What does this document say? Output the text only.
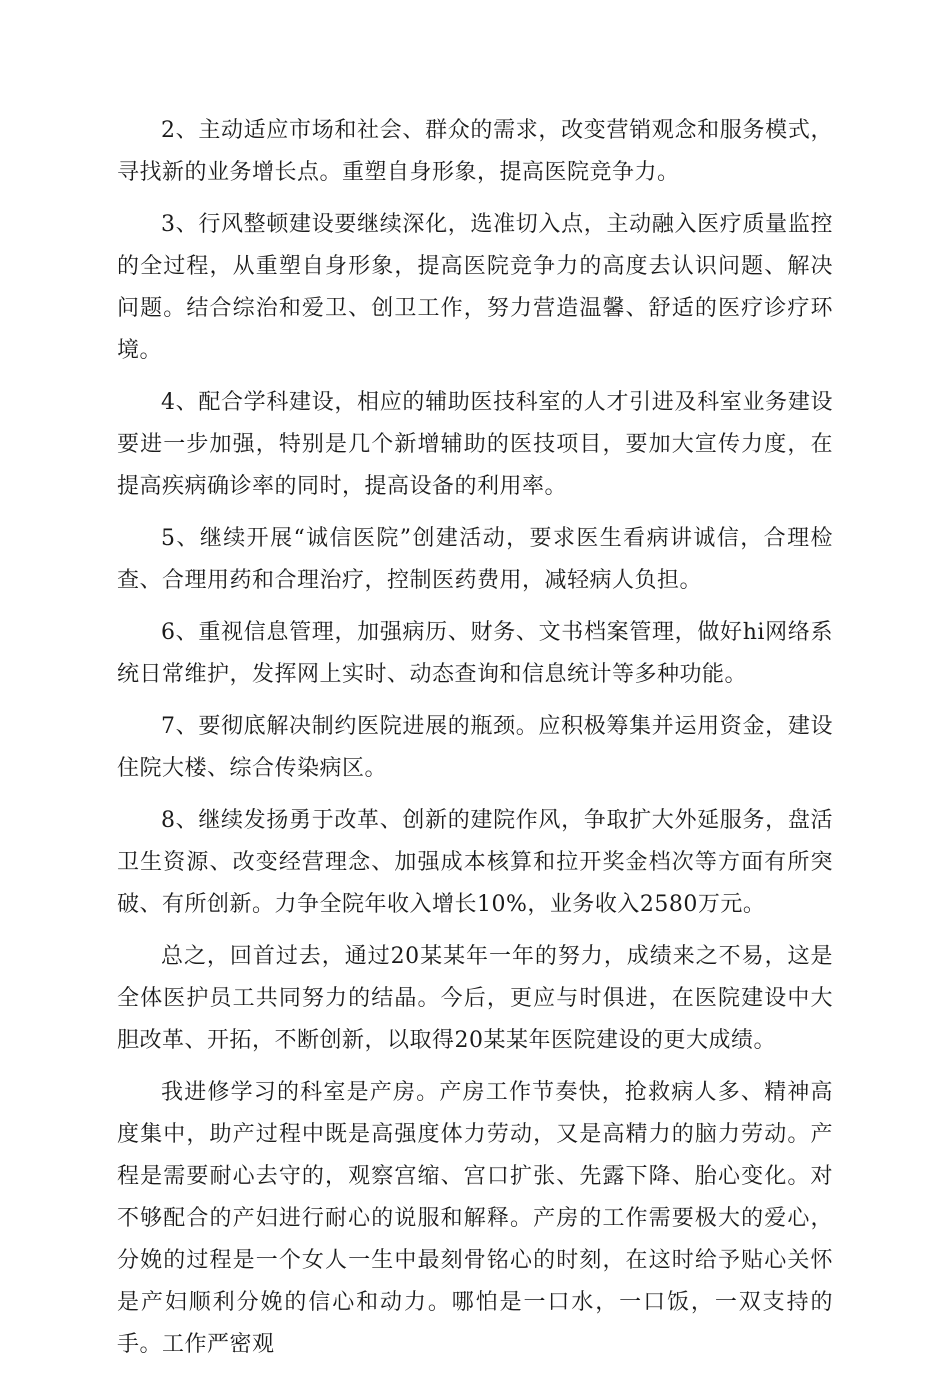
2、主动适应市场和社会、群众的需求，改变营销观念和服务模式，寻找新的业务增长点。重塑自身形象，提高医院竞争力。

3、行风整顿建设要继续深化，选准切入点，主动融入医疗质量监控的全过程，从重塑自身形象，提高医院竞争力的高度去认识问题、解决问题。结合综治和爱卫、创卫工作，努力营造温馨、舒适的医疗诊疗环境。

4、配合学科建设，相应的辅助医技科室的人才引进及科室业务建设要进一步加强，特别是几个新增辅助的医技项目，要加大宣传力度，在提高疾病确诊率的同时，提高设备的利用率。

5、继续开展“诚信医院”创建活动，要求医生看病讲诚信，合理检查、合理用药和合理治疗，控制医药费用，减轻病人负担。

6、重视信息管理，加强病历、财务、文书档案管理，做好hi网络系统日常维护，发挥网上实时、动态查询和信息统计等多种功能。

7、要彻底解决制约医院进展的瓶颈。应积极筹集并运用资金，建设住院大楼、综合传染病区。

8、继续发扬勇于改革、创新的建院作风，争取扩大外延服务，盘活卫生资源、改变经营理念、加强成本核算和拉开奖金档次等方面有所突破、有所创新。力争全院年收入增长10%，业务收入2580万元。

总之，回首过去，通过20某某年一年的努力，成绩来之不易，这是全体医护员工共同努力的结晶。今后，更应与时俱进，在医院建设中大胆改革、开拓，不断创新，以取得20某某年医院建设的更大成绩。

我进修学习的科室是产房。产房工作节奏快，抢救病人多、精神高度集中，助产过程中既是高强度体力劳动，又是高精力的脑力劳动。产程是需要耐心去守的，观察宫缩、宫口扩张、先露下降、胎心变化。对不够配合的产妇进行耐心的说服和解释。产房的工作需要极大的爱心，分娩的过程是一个女人一生中最刻骨铭心的时刻，在这时给予贴心关怀是产妇顺利分娩的信心和动力。哪怕是一口水，一口饭，一双支持的手。工作严密观
